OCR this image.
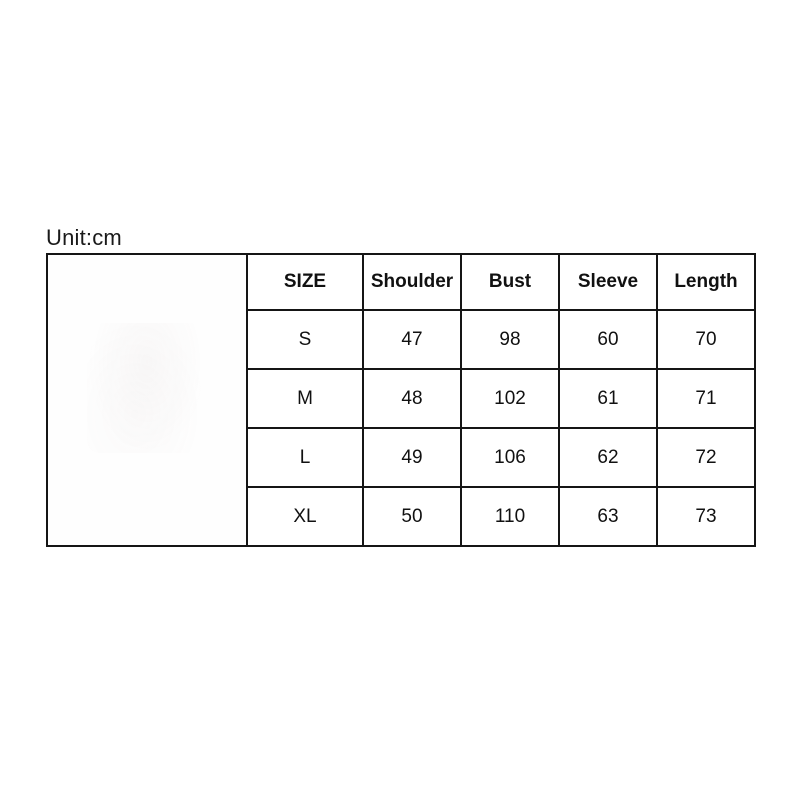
Unit:cm
	SIZE	Shoulder	Bust	Sleeve	Length
	S	47	98	60	70
	M	48	102	61	71
	L	49	106	62	72
	XL	50	110	63	73
